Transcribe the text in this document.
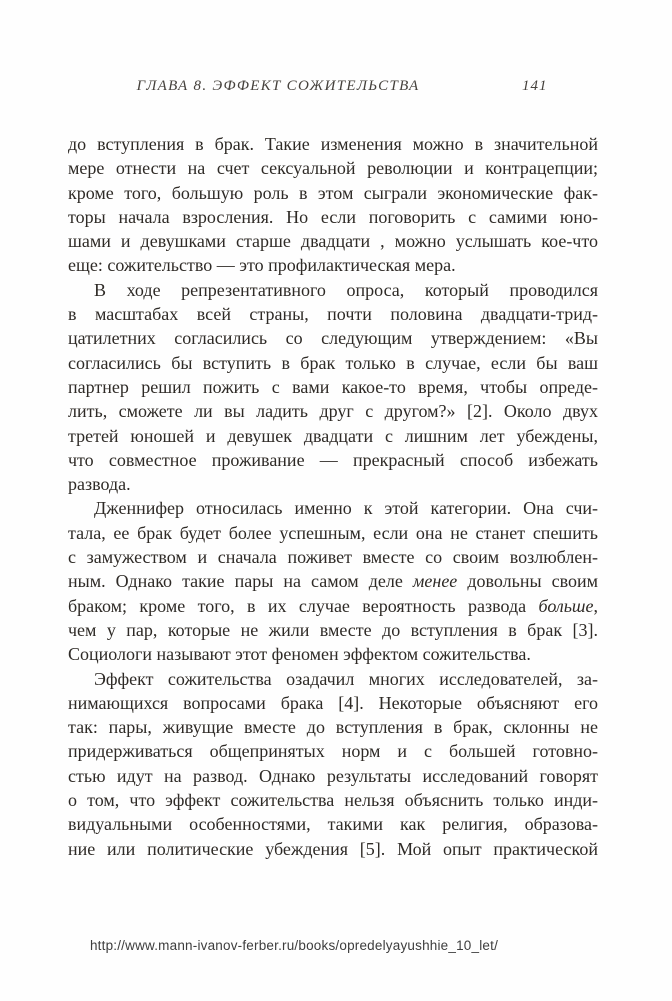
ГЛАВА 8. ЭФФЕКТ СОЖИТЕЛЬСТВА	141
до вступления в брак. Такие изменения можно в значительной
мере отнести на счет сексуальной революции и контрацепции;
кроме того, большую роль в этом сыграли экономические фак-
торы начала взросления. Но если поговорить с самими юно-
шами и девушками старше двадцати , можно услышать кое-что
еще: сожительство — это профилактическая мера.
В ходе репрезентативного опроса, который проводился
в масштабах всей страны, почти половина двадцати-трид-
цатилетних согласились со следующим утверждением: «Вы
согласились бы вступить в брак только в случае, если бы ваш
партнер решил пожить с вами какое-то время, чтобы опреде-
лить, сможете ли вы ладить друг с другом?» [2]. Около двух
третей юношей и девушек двадцати с лишним лет убеждены,
что совместное проживание — прекрасный способ избежать
развода.
Дженнифер относилась именно к этой категории. Она счи-
тала, ее брак будет более успешным, если она не станет спешить
с замужеством и сначала поживет вместе со своим возлюблен-
ным. Однако такие пары на самом деле менее довольны своим
браком; кроме того, в их случае вероятность развода больше,
чем у пар, которые не жили вместе до вступления в брак [3].
Социологи называют этот феномен эффектом сожительства.
Эффект сожительства озадачил многих исследователей, за-
нимающихся вопросами брака [4]. Некоторые объясняют его
так: пары, живущие вместе до вступления в брак, склонны не
придерживаться общепринятых норм и с большей готовно-
стью идут на развод. Однако результаты исследований говорят
о том, что эффект сожительства нельзя объяснить только инди-
видуальными особенностями, такими как религия, образова-
ние или политические убеждения [5]. Мой опыт практической
http://www.mann-ivanov-ferber.ru/books/opredelyayushhie_10_let/
